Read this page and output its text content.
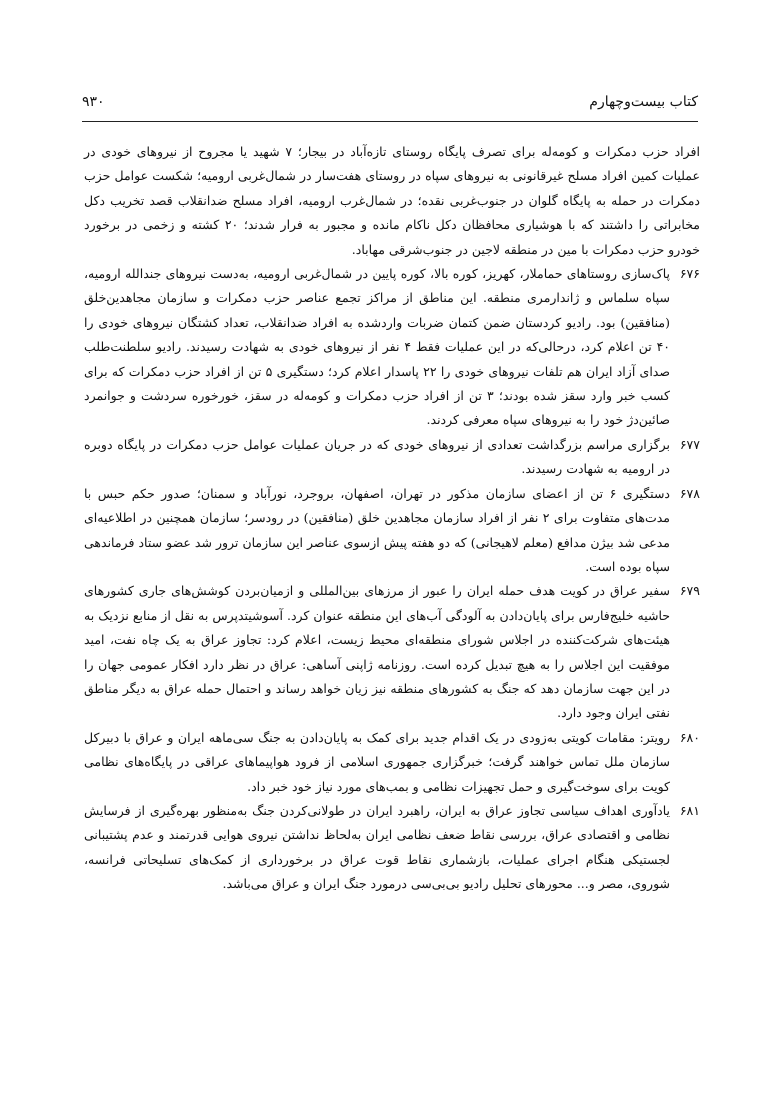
کتاب بیست‌وچهارم
۹۳۰

افراد حزب دمکرات و کومه‌له برای تصرف پایگاه روستای تازه‌آباد در بیجار؛ ۷ شهید یا مجروح از نیروهای خودی در عملیات کمین افراد مسلح غیرقانونی به نیروهای سپاه در روستای هفت‌سار در شمال‌غربی ارومیه؛ شکست عوامل حزب دمکرات در حمله به پایگاه گلوان در جنوب‌غربی نقده؛ در شمال‌غرب ارومیه، افراد مسلح ضدانقلاب قصد تخریب دکل مخابراتی را داشتند که با هوشیاری محافظان دکل ناکام مانده و مجبور به فرار شدند؛ ۲۰ کشته و زخمی در برخورد خودرو حزب دمکرات با مین در منطقه لاجین در جنوب‌شرقی مهاباد.

۶۷۶پاک‌سازی روستاهای حماملار، کهریز، کوره بالا، کوره پایین در شمال‌غربی ارومیه، به‌دست نیروهای جندالله ارومیه، سپاه سلماس و ژاندارمری منطقه. این مناطق از مراکز تجمع عناصر حزب دمکرات و سازمان مجاهدین‌خلق (منافقین) بود. رادیو کردستان ضمن کتمان ضربات وارد‌شده به افراد ضدانقلاب، تعداد کشتگان نیروهای خودی را ۴۰ تن اعلام کرد، درحالی‌که در این عملیات فقط ۴ نفر از نیروهای خودی به شهادت رسیدند. رادیو سلطنت‌طلب صدای آزاد ایران هم تلفات نیروهای خودی را ۲۲ پاسدار اعلام کرد؛ دستگیری ۵ تن از افراد حزب دمکرات که برای کسب خبر وارد سقز شده بودند؛ ۳ تن از افراد حزب دمکرات و کومه‌له در سقز، خورخوره سردشت و جوانمرد صائین‌دژ خود را به نیروهای سپاه معرفی کردند.

۶۷۷برگزاری مراسم بزرگداشت تعدادی از نیروهای خودی که در جریان عملیات عوامل حزب دمکرات در پایگاه دوبره در ارومیه به شهادت رسیدند.

۶۷۸دستگیری ۶ تن از اعضای سازمان مذکور در تهران، اصفهان، بروجرد، نورآباد و سمنان؛ صدور حکم حبس با مدت‌های متفاوت برای ۲ نفر از افراد سازمان مجاهدین خلق (منافقین) در رودسر؛ سازمان همچنین در اطلاعیه‌ای مدعی شد بیژن مدافع (معلم لاهیجانی) که دو هفته پیش ازسوی عناصر این سازمان ترور شد عضو ستاد فرماندهی سپاه بوده است.

۶۷۹سفیر عراق در کویت هدف حمله ایران را عبور از مرزهای بین‌المللی و ازمیان‌بردن کوشش‌های جاری کشورهای حاشیه خلیج‌فارس برای پایان‌دادن به آلودگی آب‌های این منطقه عنوان کرد. آسوشیتدپرس به نقل از منابع نزدیک به هیئت‌های شرکت‌کننده در اجلاس شورای منطقه‌ای محیط زیست، اعلام کرد: تجاوز عراق به یک چاه نفت، امید موفقیت این اجلاس را به هیچ تبدیل کرده است. روزنامه ژاپنی آساهی: عراق در نظر دارد افکار عمومی جهان را در این جهت سازمان دهد که جنگ به کشورهای منطقه نیز زیان خواهد رساند و احتمال حمله عراق به دیگر مناطق نفتی ایران وجود دارد.

۶۸۰رویتر: مقامات کویتی به‌زودی در یک اقدام جدید برای کمک به پایان‌دادن به جنگ سی‌ماهه ایران و عراق با دبیرکل سازمان ملل تماس خواهند گرفت؛ خبرگزاری جمهوری اسلامی از فرود هواپیماهای عراقی در پایگاه‌های نظامی کویت برای سوخت‌گیری و حمل تجهیزات نظامی و بمب‌های مورد نیاز خود خبر داد.

۶۸۱یادآوری اهداف سیاسی تجاوز عراق به ایران، راهبرد ایران در طولانی‌کردن جنگ به‌منظور بهره‌گیری از فرسایش نظامی و اقتصادی عراق، بررسی نقاط ضعف نظامی ایران به‌لحاظ نداشتن نیروی هوایی قدرتمند و عدم پشتیبانی لجستیکی هنگام اجرای عملیات، بازشماری نقاط قوت عراق در برخورداری از کمک‌های تسلیحاتی فرانسه، شوروی، مصر و... محورهای تحلیل رادیو بی‌بی‌سی درمورد جنگ ایران و عراق می‌باشد.
